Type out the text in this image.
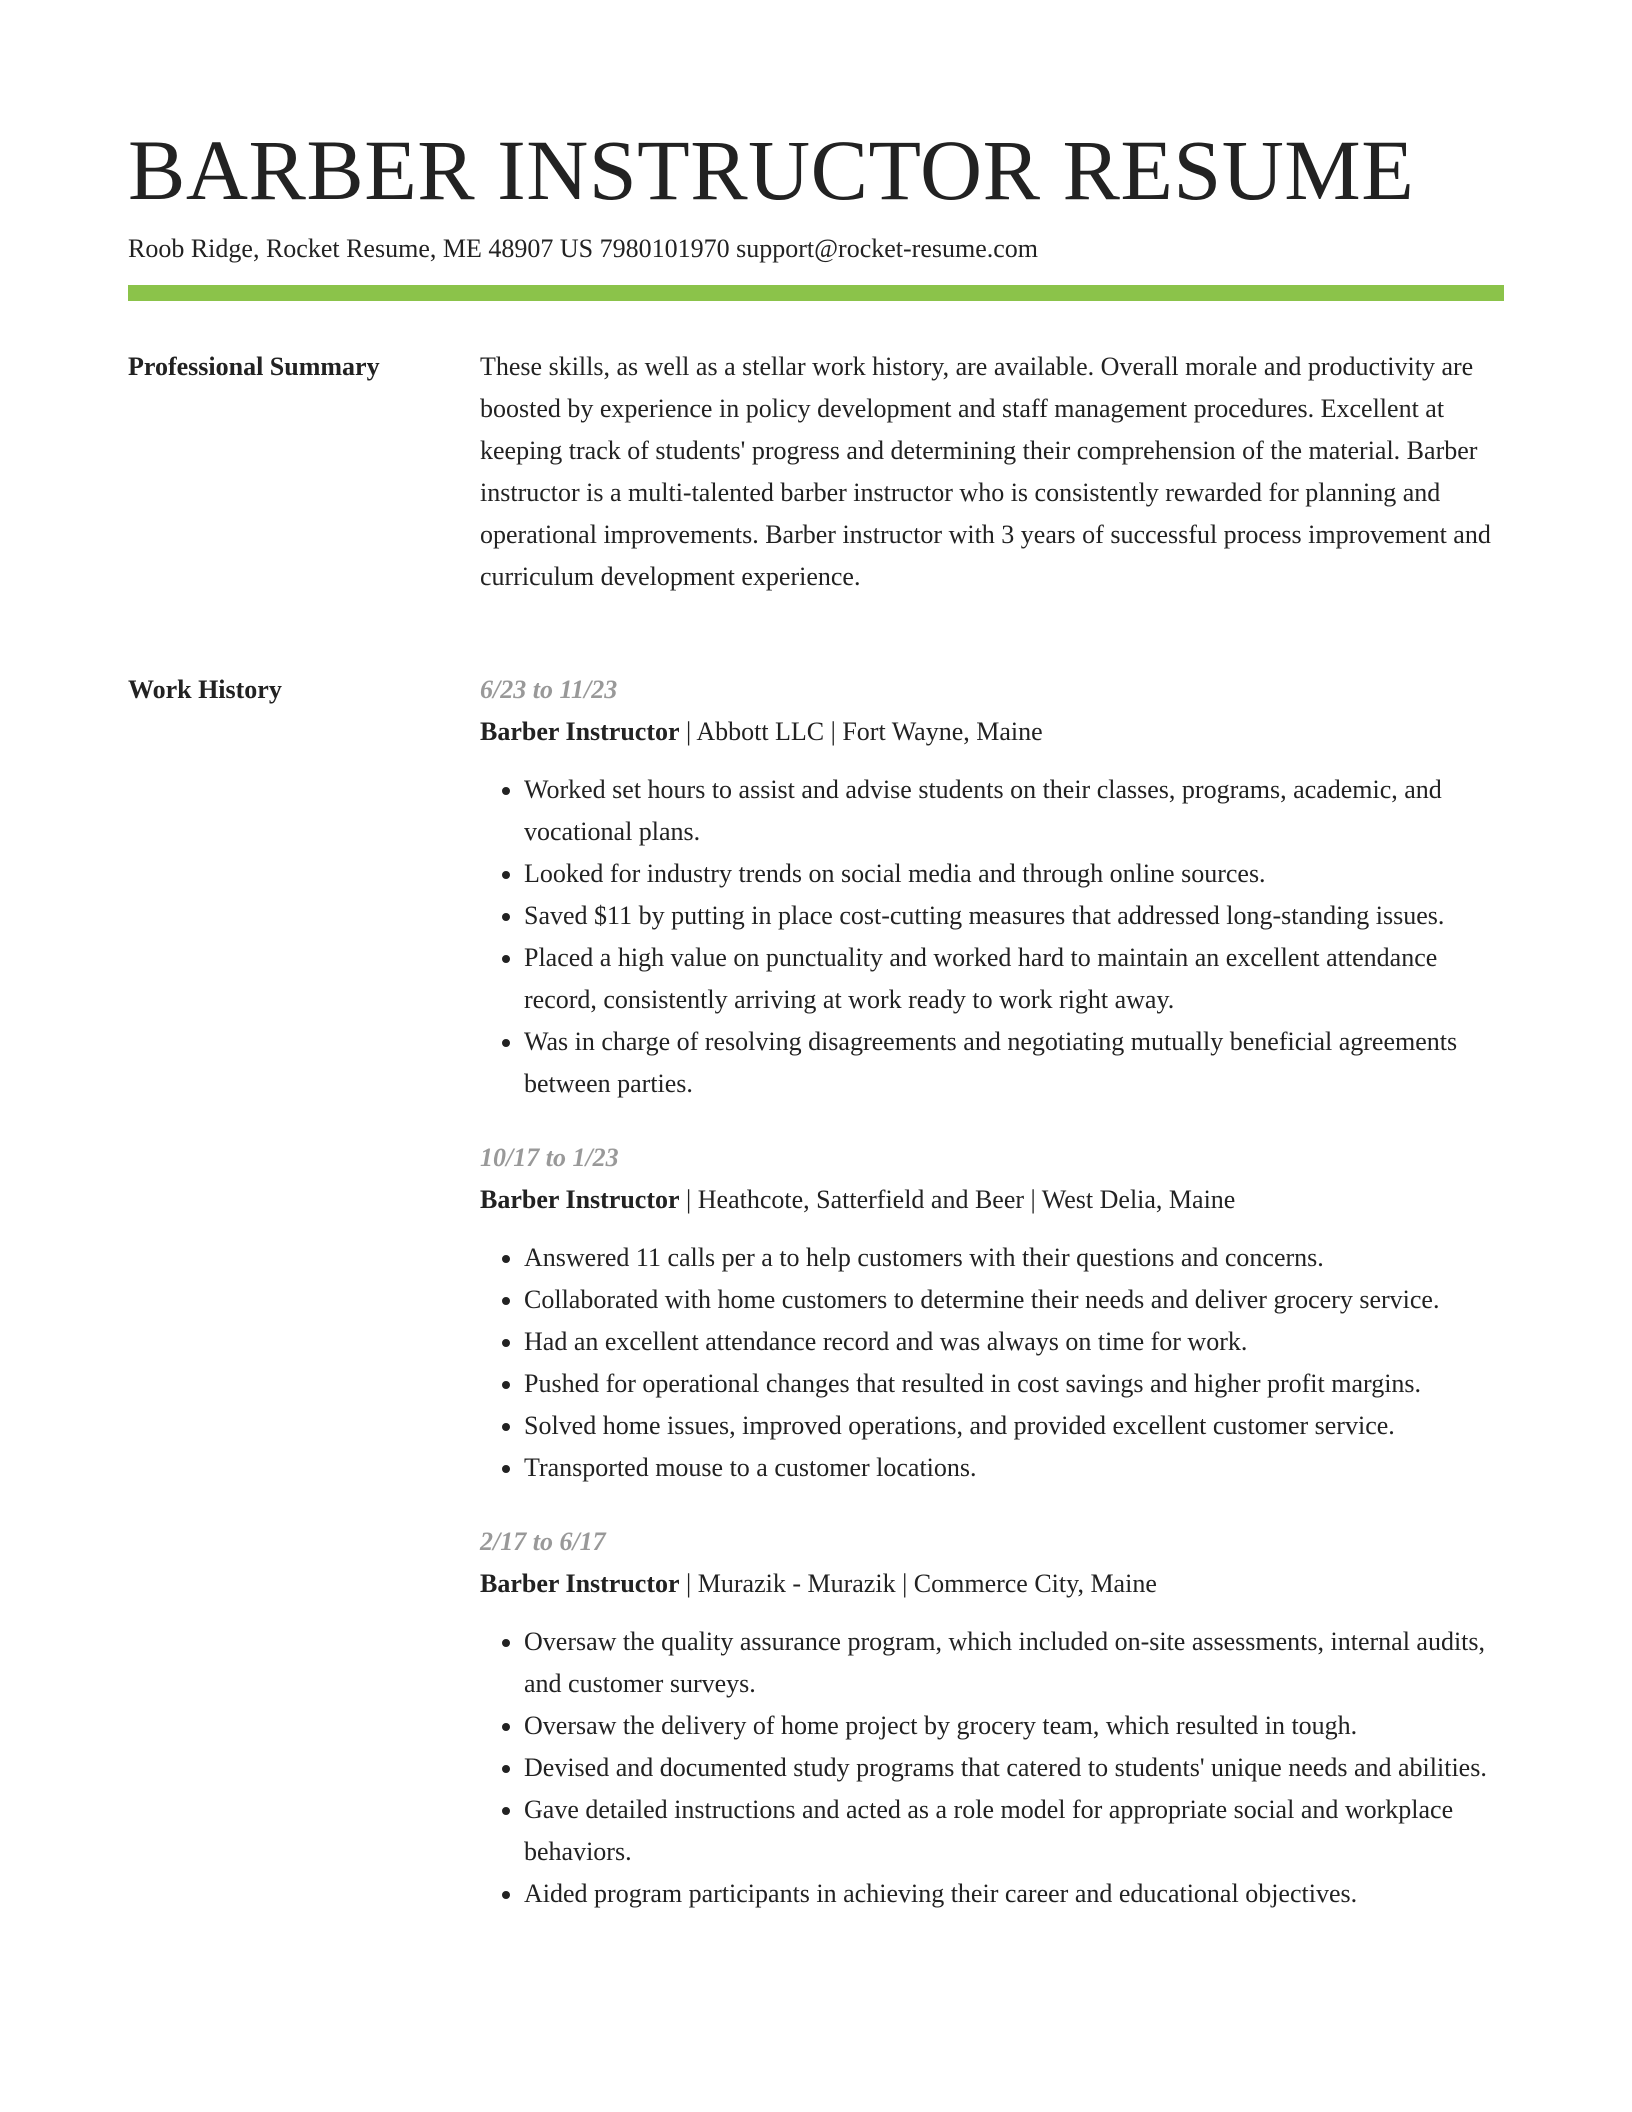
BARBER INSTRUCTOR RESUME
Roob Ridge, Rocket Resume, ME 48907 US 7980101970 support@rocket-resume.com
Professional Summary	These skills, as well as a stellar work history, are available. Overall morale and productivity are boosted by experience in policy development and staff management procedures. Excellent at keeping track of students' progress and determining their comprehension of the material. Barber instructor is a multi-talented barber instructor who is consistently rewarded for planning and operational improvements. Barber instructor with 3 years of successful process improvement and curriculum development experience.

Work History	6/23 to 11/23
Barber Instructor | Abbott LLC | Fort Wayne, Maine
• Worked set hours to assist and advise students on their classes, programs, academic, and vocational plans.
• Looked for industry trends on social media and through online sources.
• Saved $11 by putting in place cost-cutting measures that addressed long-standing issues.
• Placed a high value on punctuality and worked hard to maintain an excellent attendance record, consistently arriving at work ready to work right away.
• Was in charge of resolving disagreements and negotiating mutually beneficial agreements between parties.
10/17 to 1/23
Barber Instructor | Heathcote, Satterfield and Beer | West Delia, Maine
• Answered 11 calls per a to help customers with their questions and concerns.
• Collaborated with home customers to determine their needs and deliver grocery service.
• Had an excellent attendance record and was always on time for work.
• Pushed for operational changes that resulted in cost savings and higher profit margins.
• Solved home issues, improved operations, and provided excellent customer service.
• Transported mouse to a customer locations.
2/17 to 6/17
Barber Instructor | Murazik - Murazik | Commerce City, Maine
• Oversaw the quality assurance program, which included on-site assessments, internal audits, and customer surveys.
• Oversaw the delivery of home project by grocery team, which resulted in tough.
• Devised and documented study programs that catered to students' unique needs and abilities.
• Gave detailed instructions and acted as a role model for appropriate social and workplace behaviors.
• Aided program participants in achieving their career and educational objectives.
